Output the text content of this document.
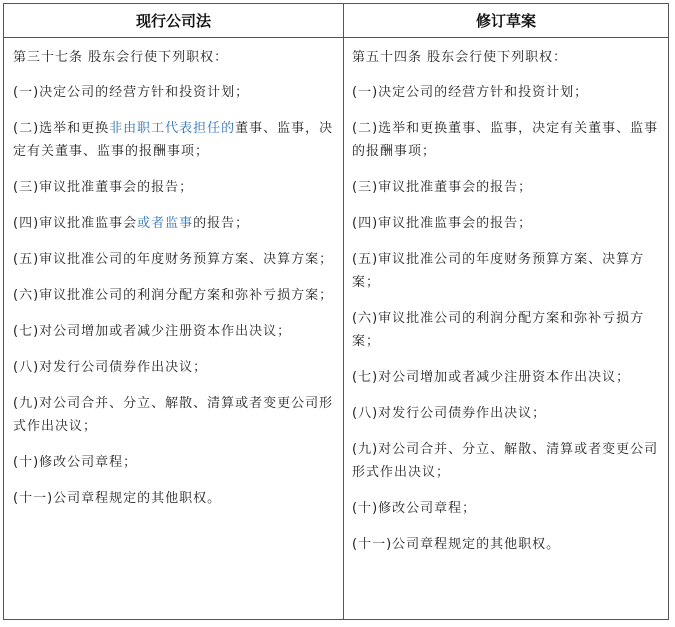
现行公司法	修订草案

第三十七条 股东会行使下列职权：

(一)决定公司的经营方针和投资计划；

(二)选举和更换非由职工代表担任的董事、监事，决定有关董事、监事的报酬事项；

(三)审议批准董事会的报告；

(四)审议批准监事会或者监事的报告；

(五)审议批准公司的年度财务预算方案、决算方案；

(六)审议批准公司的利润分配方案和弥补亏损方案；

(七)对公司增加或者减少注册资本作出决议；

(八)对发行公司债券作出决议；

(九)对公司合并、分立、解散、清算或者变更公司形式作出决议；

(十)修改公司章程；

(十一)公司章程规定的其他职权。

第五十四条 股东会行使下列职权：

(一)决定公司的经营方针和投资计划；

(二)选举和更换董事、监事，决定有关董事、监事的报酬事项；

(三)审议批准董事会的报告；

(四)审议批准监事会的报告；

(五)审议批准公司的年度财务预算方案、决算方案；

(六)审议批准公司的利润分配方案和弥补亏损方案；

(七)对公司增加或者减少注册资本作出决议；

(八)对发行公司债券作出决议；

(九)对公司合并、分立、解散、清算或者变更公司形式作出决议；

(十)修改公司章程；

(十一)公司章程规定的其他职权。
